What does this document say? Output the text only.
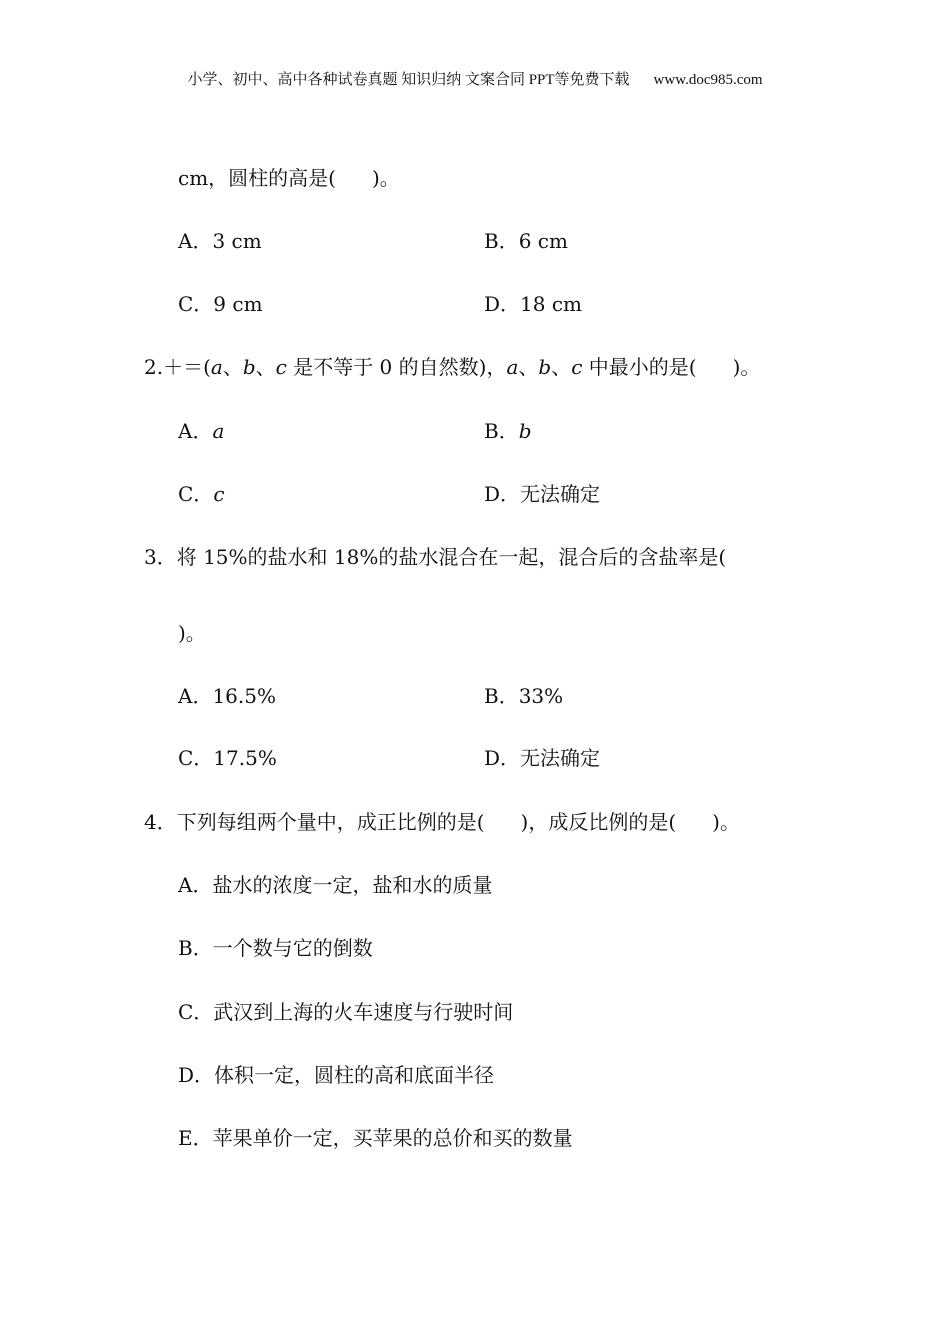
小学、初中、高中各种试卷真题 知识归纳 文案合同 PPT等免费下载 www.doc985.com
cm，圆柱的高是( )。
A．3 cm	B．6 cm
C．9 cm	D．18 cm
2.＋＝(a、b、c 是不等于 0 的自然数)，a、b、c 中最小的是( )。
A．a	B．b
C．c	D．无法确定
3．将 15%的盐水和 18%的盐水混合在一起，混合后的含盐率是(
)。
A．16.5%	B．33%
C．17.5%	D．无法确定
4．下列每组两个量中，成正比例的是( )，成反比例的是( )。
A．盐水的浓度一定，盐和水的质量
B．一个数与它的倒数
C．武汉到上海的火车速度与行驶时间
D．体积一定，圆柱的高和底面半径
E．苹果单价一定，买苹果的总价和买的数量
